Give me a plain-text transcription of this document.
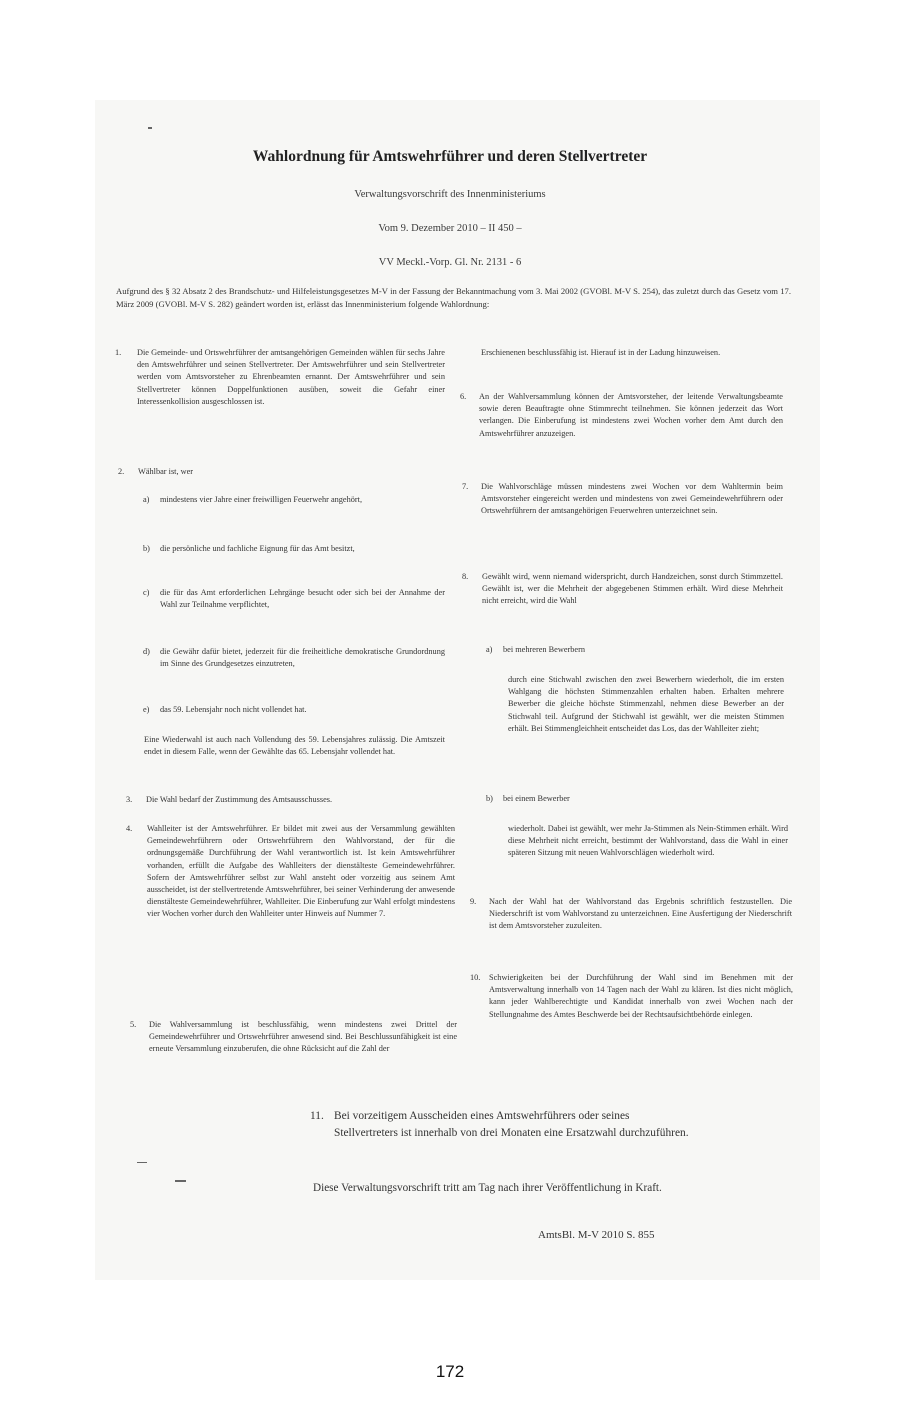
Wahlordnung für Amtswehrführer und deren Stellvertreter
Verwaltungsvorschrift des Innenministeriums
Vom 9. Dezember 2010 – II 450 –
VV Meckl.-Vorp. Gl. Nr. 2131 - 6
Aufgrund des § 32 Absatz 2 des Brandschutz- und Hilfeleistungsgesetzes M-V in der Fassung der Bekanntmachung vom 3. Mai 2002 (GVOBl. M-V S. 254), das zuletzt durch das Gesetz vom 17. März 2009 (GVOBl. M-V S. 282) geändert worden ist, erlässt das Innenministerium folgende Wahlordnung:
1. Die Gemeinde- und Ortswehrführer der amtsangehörigen Gemeinden wählen für sechs Jahre den Amtswehrführer und seinen Stellvertreter. Der Amtswehrführer und sein Stellvertreter werden vom Amtsvorsteher zu Ehrenbeamten ernannt. Der Amtswehrführer und sein Stellvertreter können Doppelfunktionen ausüben, soweit die Gefahr einer Interessenkollision ausgeschlossen ist.
2. Wählbar ist, wer
a) mindestens vier Jahre einer freiwilligen Feuerwehr angehört,
b) die persönliche und fachliche Eignung für das Amt besitzt,
c) die für das Amt erforderlichen Lehrgänge besucht oder sich bei der Annahme der Wahl zur Teilnahme verpflichtet,
d) die Gewähr dafür bietet, jederzeit für die freiheitliche demokratische Grundordnung im Sinne des Grundgesetzes einzutreten,
e) das 59. Lebensjahr noch nicht vollendet hat.
Eine Wiederwahl ist auch nach Vollendung des 59. Lebensjahres zulässig. Die Amtszeit endet in diesem Falle, wenn der Gewählte das 65. Lebensjahr vollendet hat.
3. Die Wahl bedarf der Zustimmung des Amtsausschusses.
4. Wahlleiter ist der Amtswehrführer. Er bildet mit zwei aus der Versammlung gewählten Gemeindewehrführern oder Ortswehrführern den Wahlvorstand, der für die ordnungsgemäße Durchführung der Wahl verantwortlich ist. Ist kein Amtswehrführer vorhanden, erfüllt die Aufgabe des Wahlleiters der dienstälteste Gemeindewehrführer. Sofern der Amtswehrführer selbst zur Wahl ansteht oder vorzeitig aus seinem Amt ausscheidet, ist der stellvertretende Amtswehrführer, bei seiner Verhinderung der anwesende dienstälteste Gemeindewehrführer, Wahlleiter. Die Einberufung zur Wahl erfolgt mindestens vier Wochen vorher durch den Wahlleiter unter Hinweis auf Nummer 7.
5. Die Wahlversammlung ist beschlussfähig, wenn mindestens zwei Drittel der Gemeindewehrführer und Ortswehrführer anwesend sind. Bei Beschlussunfähigkeit ist eine erneute Versammlung einzuberufen, die ohne Rücksicht auf die Zahl der
Erschienenen beschlussfähig ist. Hierauf ist in der Ladung hinzuweisen.
6. An der Wahlversammlung können der Amtsvorsteher, der leitende Verwaltungsbeamte sowie deren Beauftragte ohne Stimmrecht teilnehmen. Sie können jederzeit das Wort verlangen. Die Einberufung ist mindestens zwei Wochen vorher dem Amt durch den Amtswehrführer anzuzeigen.
7. Die Wahlvorschläge müssen mindestens zwei Wochen vor dem Wahltermin beim Amtsvorsteher eingereicht werden und mindestens von zwei Gemeindewehrführern oder Ortswehrführern der amtsangehörigen Feuerwehren unterzeichnet sein.
8. Gewählt wird, wenn niemand widerspricht, durch Handzeichen, sonst durch Stimmzettel. Gewählt ist, wer die Mehrheit der abgegebenen Stimmen erhält. Wird diese Mehrheit nicht erreicht, wird die Wahl
a) bei mehreren Bewerbern
durch eine Stichwahl zwischen den zwei Bewerbern wiederholt, die im ersten Wahlgang die höchsten Stimmenzahlen erhalten haben. Erhalten mehrere Bewerber die gleiche höchste Stimmenzahl, nehmen diese Bewerber an der Stichwahl teil. Aufgrund der Stichwahl ist gewählt, wer die meisten Stimmen erhält. Bei Stimmengleichheit entscheidet das Los, das der Wahlleiter zieht;
b) bei einem Bewerber
wiederholt. Dabei ist gewählt, wer mehr Ja-Stimmen als Nein-Stimmen erhält. Wird diese Mehrheit nicht erreicht, bestimmt der Wahlvorstand, dass die Wahl in einer späteren Sitzung mit neuen Wahlvorschlägen wiederholt wird.
9. Nach der Wahl hat der Wahlvorstand das Ergebnis schriftlich festzustellen. Die Niederschrift ist vom Wahlvorstand zu unterzeichnen. Eine Ausfertigung der Niederschrift ist dem Amtsvorsteher zuzuleiten.
10. Schwierigkeiten bei der Durchführung der Wahl sind im Benehmen mit der Amtsverwaltung innerhalb von 14 Tagen nach der Wahl zu klären. Ist dies nicht möglich, kann jeder Wahlberechtigte und Kandidat innerhalb von zwei Wochen nach der Stellungnahme des Amtes Beschwerde bei der Rechtsaufsichtbehörde einlegen.
11. Bei vorzeitigem Ausscheiden eines Amtswehrführers oder seines Stellvertreters ist innerhalb von drei Monaten eine Ersatzwahl durchzuführen.
Diese Verwaltungsvorschrift tritt am Tag nach ihrer Veröffentlichung in Kraft.
AmtsBl. M-V 2010 S. 855
172
